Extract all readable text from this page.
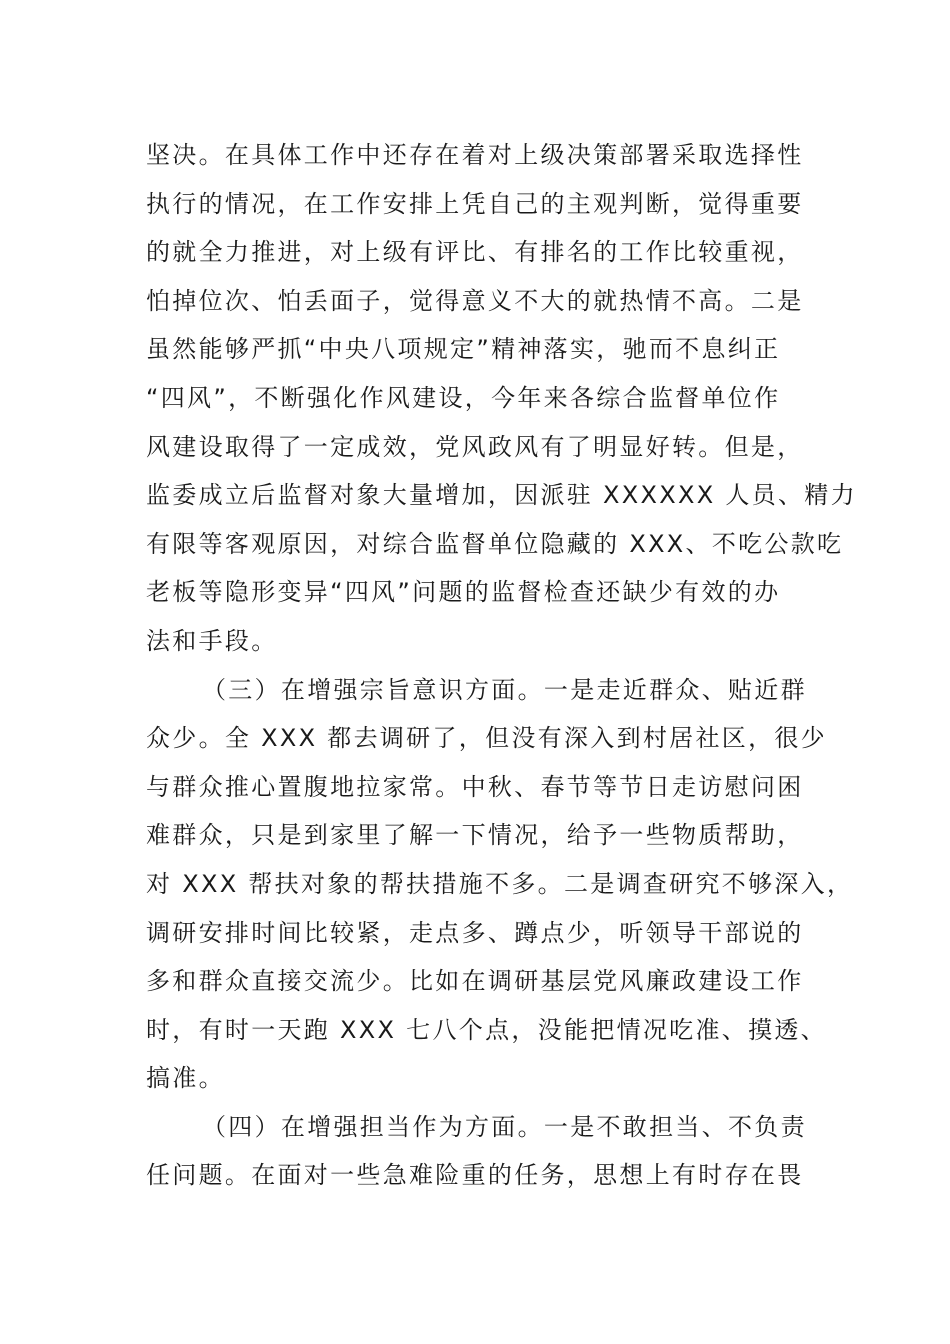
坚决。在具体工作中还存在着对上级决策部署采取选择性
执行的情况，在工作安排上凭自己的主观判断，觉得重要
的就全力推进，对上级有评比、有排名的工作比较重视，
怕掉位次、怕丢面子，觉得意义不大的就热情不高。二是
虽然能够严抓“中央八项规定”精神落实，驰而不息纠正
“四风”，不断强化作风建设，今年来各综合监督单位作
风建设取得了一定成效，党风政风有了明显好转。但是，
监委成立后监督对象大量增加，因派驻 XXXXXX 人员、精力
有限等客观原因，对综合监督单位隐藏的 XXX、不吃公款吃
老板等隐形变异“四风”问题的监督检查还缺少有效的办
法和手段。
（三）在增强宗旨意识方面。一是走近群众、贴近群
众少。全 XXX 都去调研了，但没有深入到村居社区，很少
与群众推心置腹地拉家常。中秋、春节等节日走访慰问困
难群众，只是到家里了解一下情况，给予一些物质帮助，
对 XXX 帮扶对象的帮扶措施不多。二是调查研究不够深入，
调研安排时间比较紧，走点多、蹲点少，听领导干部说的
多和群众直接交流少。比如在调研基层党风廉政建设工作
时，有时一天跑 XXX 七八个点，没能把情况吃准、摸透、
搞准。
（四）在增强担当作为方面。一是不敢担当、不负责
任问题。在面对一些急难险重的任务，思想上有时存在畏
